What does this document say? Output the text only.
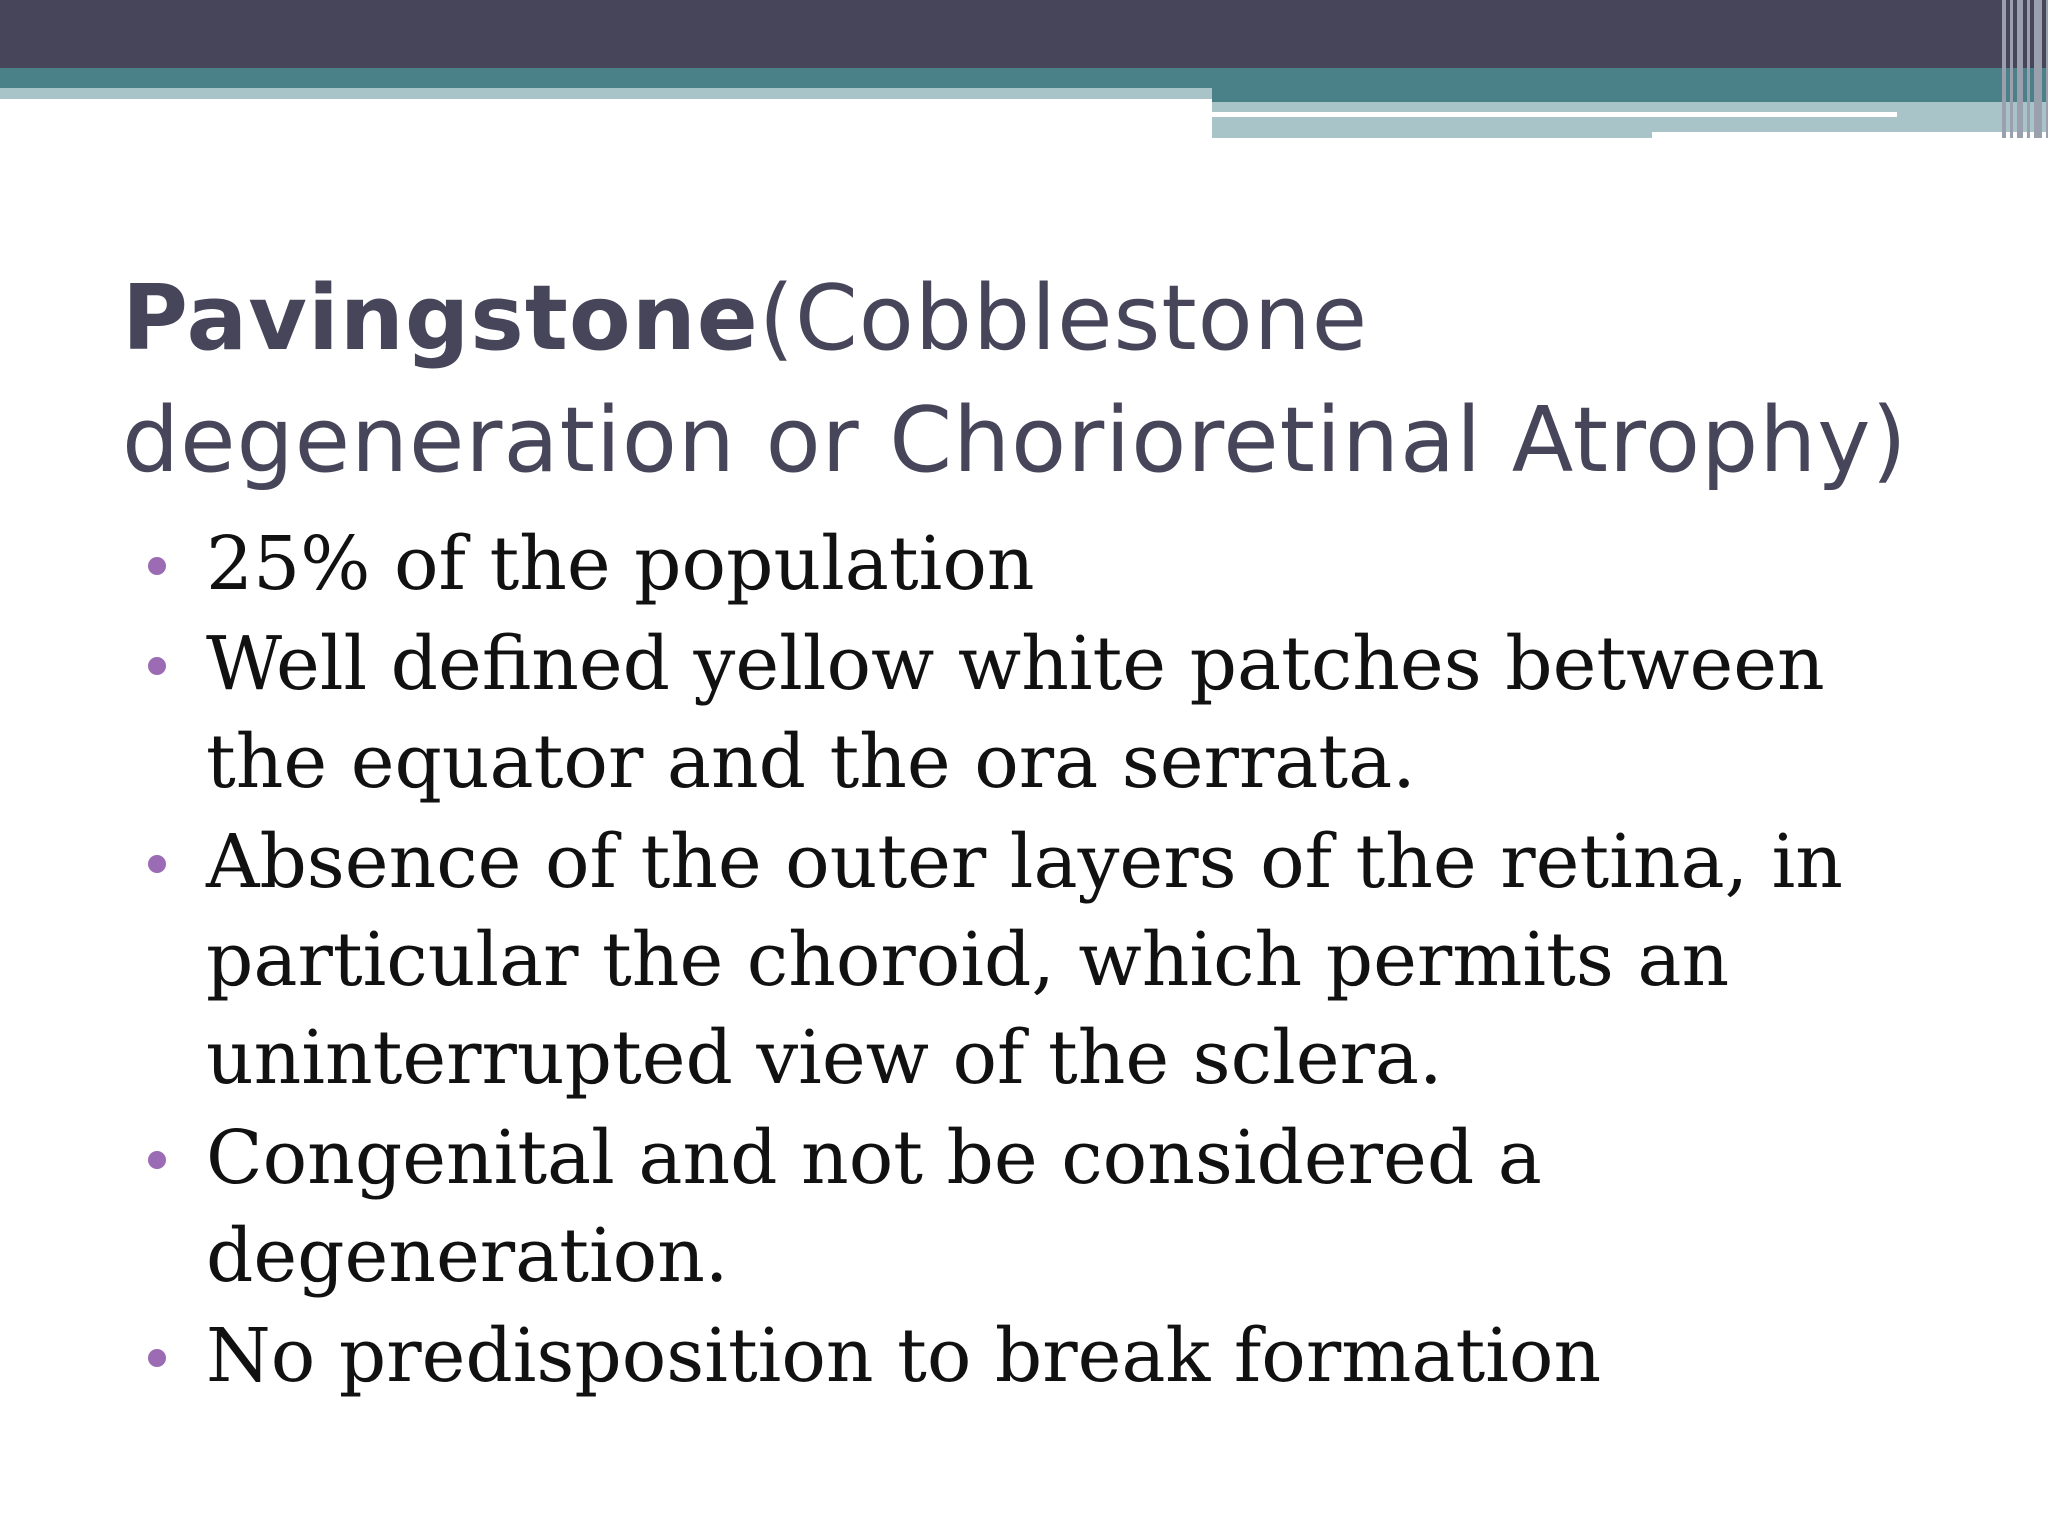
Pavingstone(Cobblestone degeneration or Chorioretinal Atrophy)
25% of the population
Well defined yellow white patches between the equator and the ora serrata.
Absence of the outer layers of the retina, in particular the choroid, which permits an uninterrupted view of the sclera.
Congenital and not be considered a degeneration.
No predisposition to break formation
